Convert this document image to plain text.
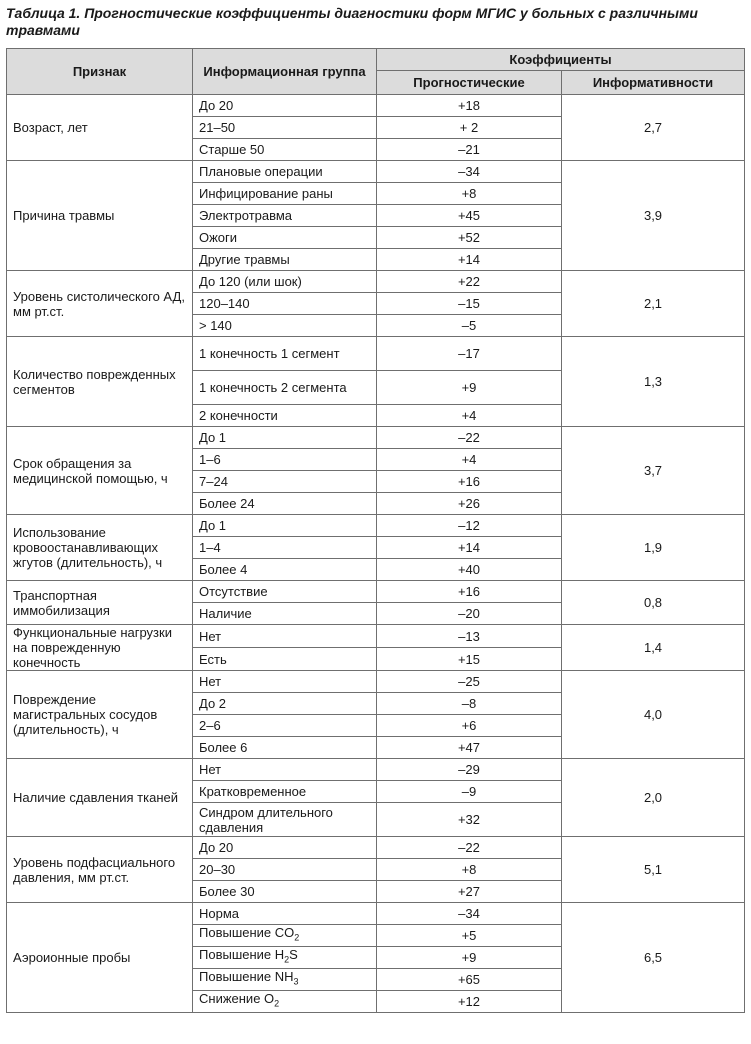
Таблица 1. Прогностические коэффициенты диагностики форм МГИС у больных с различными травмами
Признак	Информационная группа	Коэффициенты	
		Прогностические	Информативности
Возраст, лет	До 20	+18	2,7
	21–50	+ 2	
	Старше 50	–21	
Причина травмы	Плановые операции	–34	3,9
	Инфицирование раны	+8	
	Электротравма	+45	
	Ожоги	+52	
	Другие травмы	+14	
Уровень систолического АД, мм рт.ст.	До 120 (или шок)	+22	2,1
	120–140	–15	
	> 140	–5	
Количество поврежденных сегментов	1 конечность 1 сегмент	–17	1,3
	1 конечность 2 сегмента	+9	
	2 конечности	+4	
Срок обращения за медицинской помощью, ч	До 1	–22	3,7
	1–6	+4	
	7–24	+16	
	Более 24	+26	
Использование кровоостанавливающих жгутов (длительность), ч	До 1	–12	1,9
	1–4	+14	
	Более 4	+40	
Транспортная иммобилизация	Отсутствие	+16	0,8
	Наличие	–20	
Функциональные нагрузки на поврежденную конечность	Нет	–13	1,4
	Есть	+15	
Повреждение магистральных сосудов (длительность), ч	Нет	–25	4,0
	До 2	–8	
	2–6	+6	
	Более 6	+47	
Наличие сдавления тканей	Нет	–29	2,0
	Кратковременное	–9	
	Синдром длительного сдавления	+32	
Уровень подфасциального давления, мм рт.ст.	До 20	–22	5,1
	20–30	+8	
	Более 30	+27	
Аэроионные пробы	Норма	–34	6,5
	Повышение $CO_2$	+5	
	Повышение $H_2S$	+9	
	Повышение $NH_3$	+65	
	Снижение $O_2$	+12	
